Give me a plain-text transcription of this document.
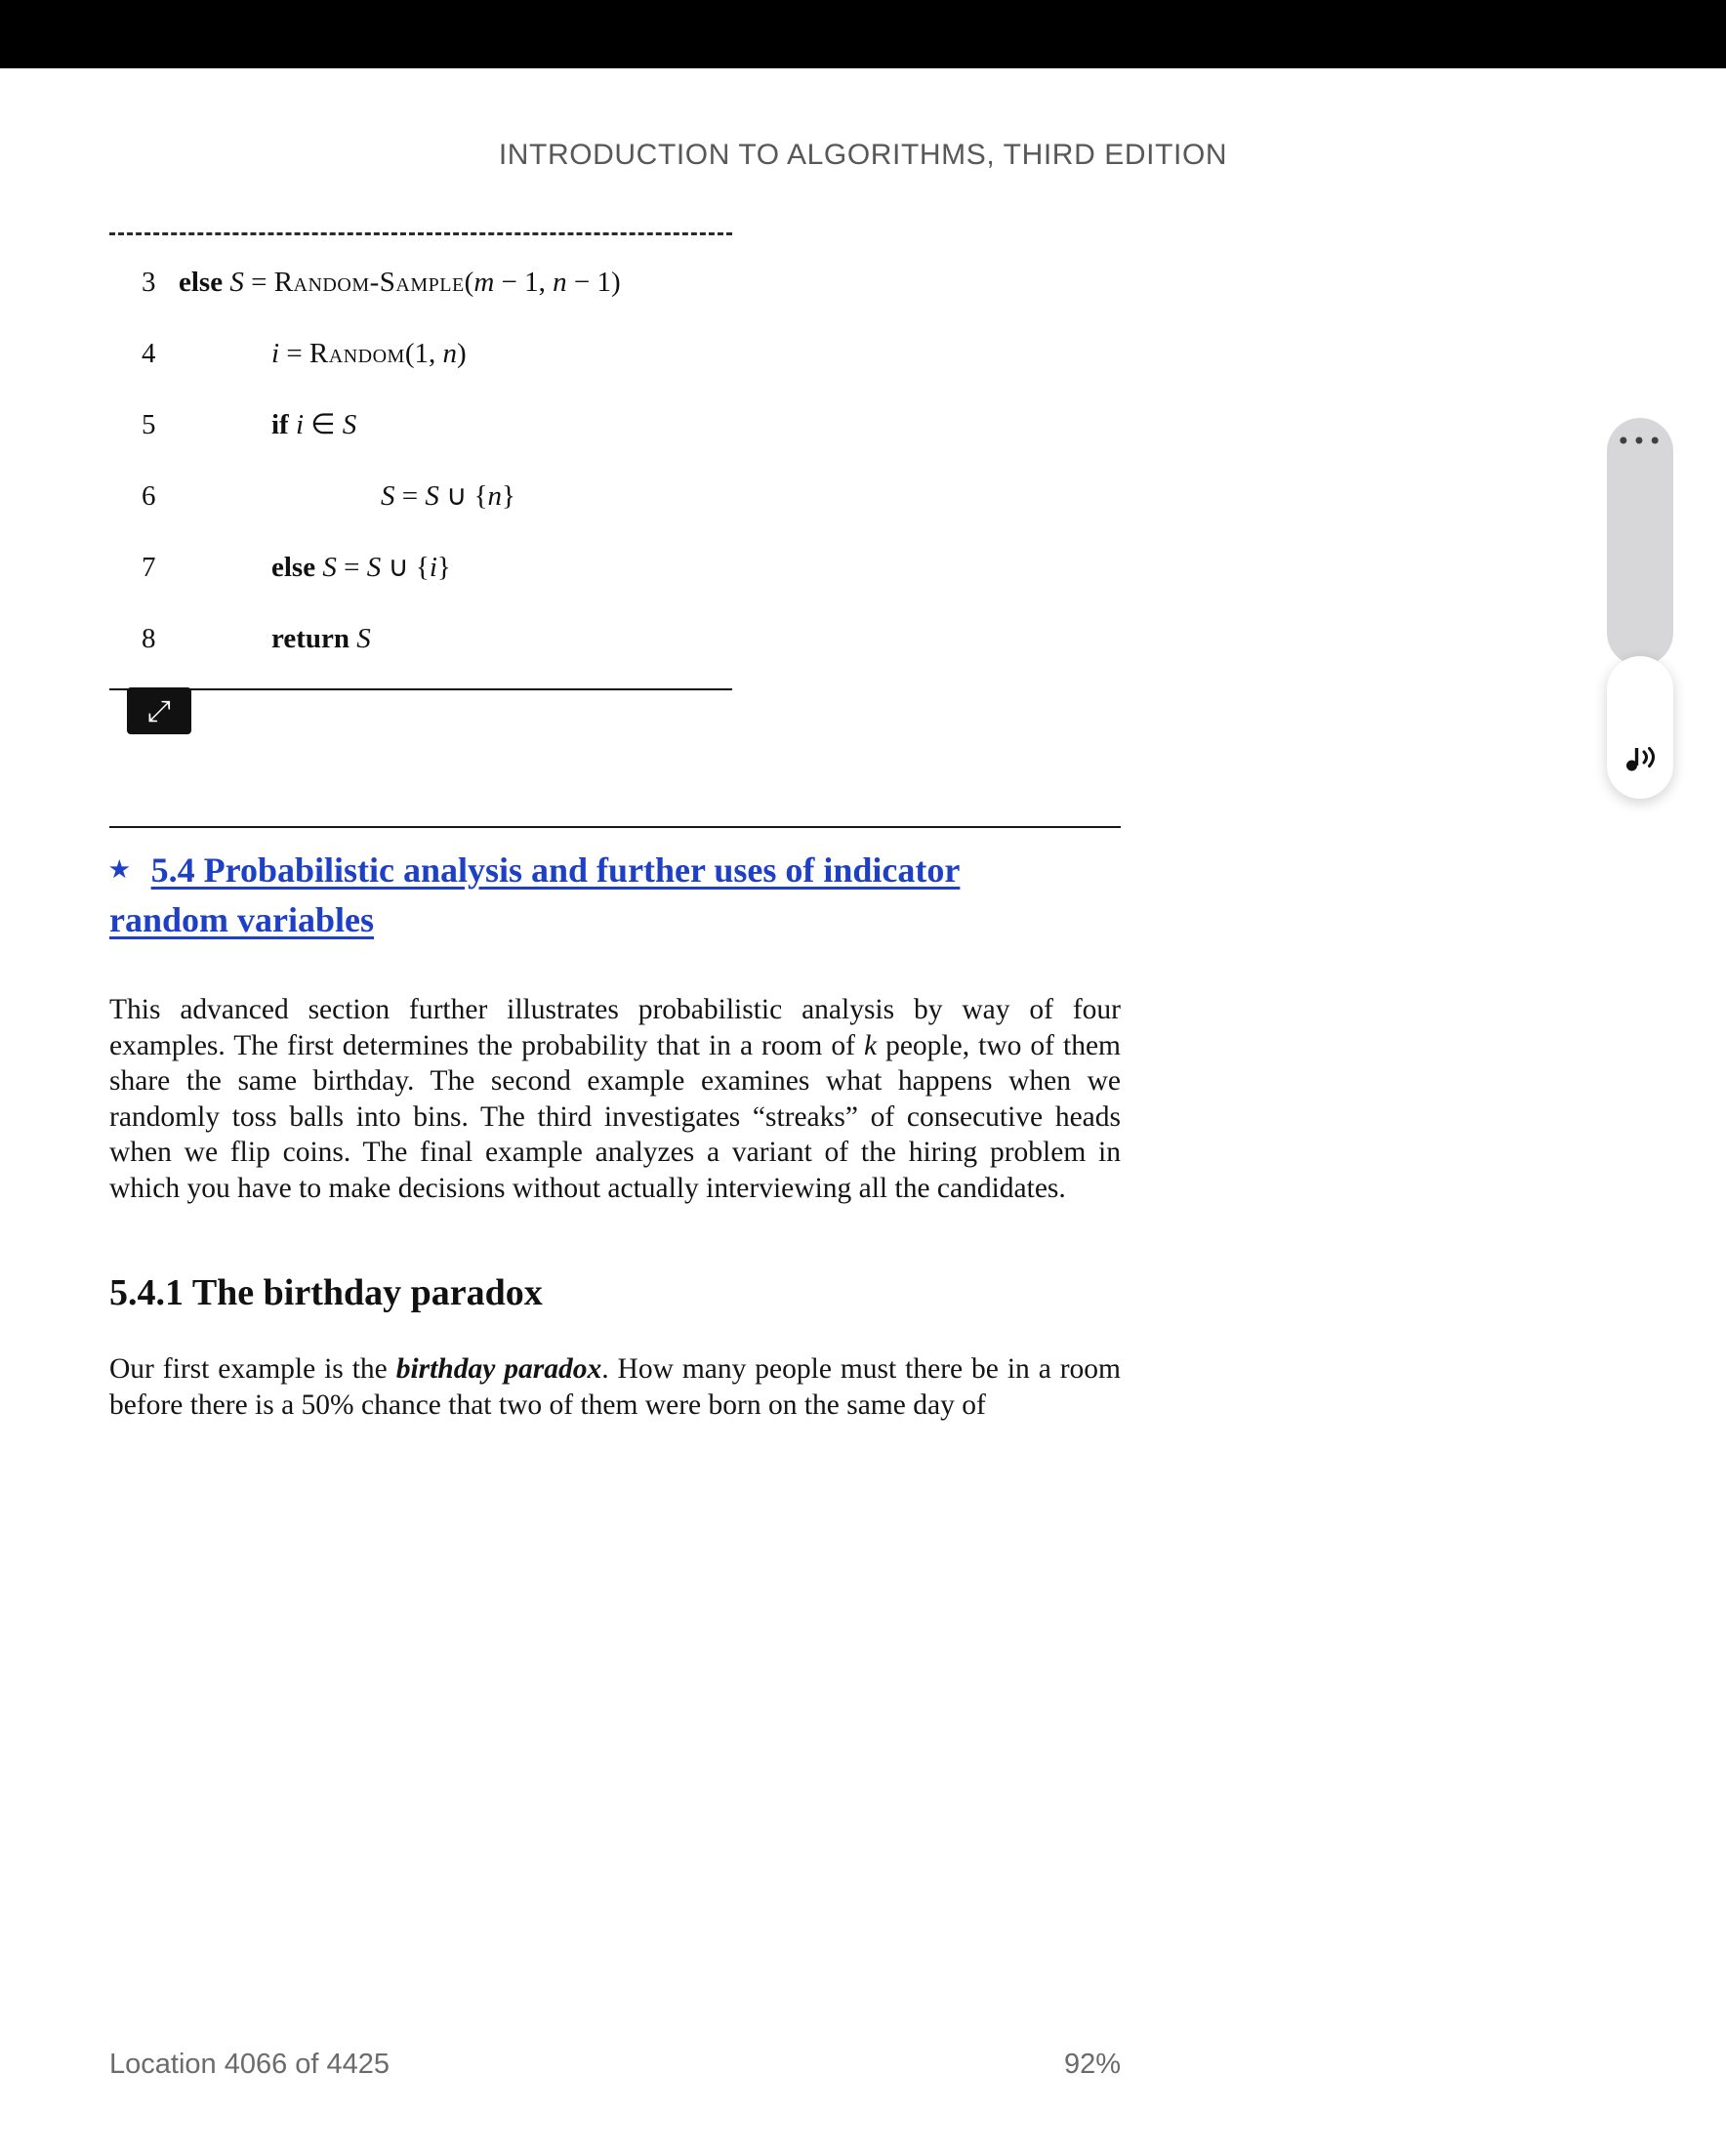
INTRODUCTION TO ALGORITHMS, THIRD EDITION
3 else S = Random-Sample(m − 1, n − 1)
4	i = Random(1, n)
5	if i ∈ S
6	S = S ∪ {n}
7	else S = S ∪ {i}
8	return S
⤢
•••
★ 5.4 Probabilistic analysis and further uses of indicator
random variables
This advanced section further illustrates probabilistic analysis by way of four examples. The first determines the probability that in a room of k people, two of them share the same birthday. The second example examines what happens when we randomly toss balls into bins. The third investigates “streaks” of consecutive heads when we flip coins. The final example analyzes a variant of the hiring problem in which you have to make decisions without actually interviewing all the candidates.
5.4.1 The birthday paradox
Our first example is the birthday paradox. How many people must there be in a room before there is a 50% chance that two of them were born on the same day of
Location 4066 of 4425	92%
